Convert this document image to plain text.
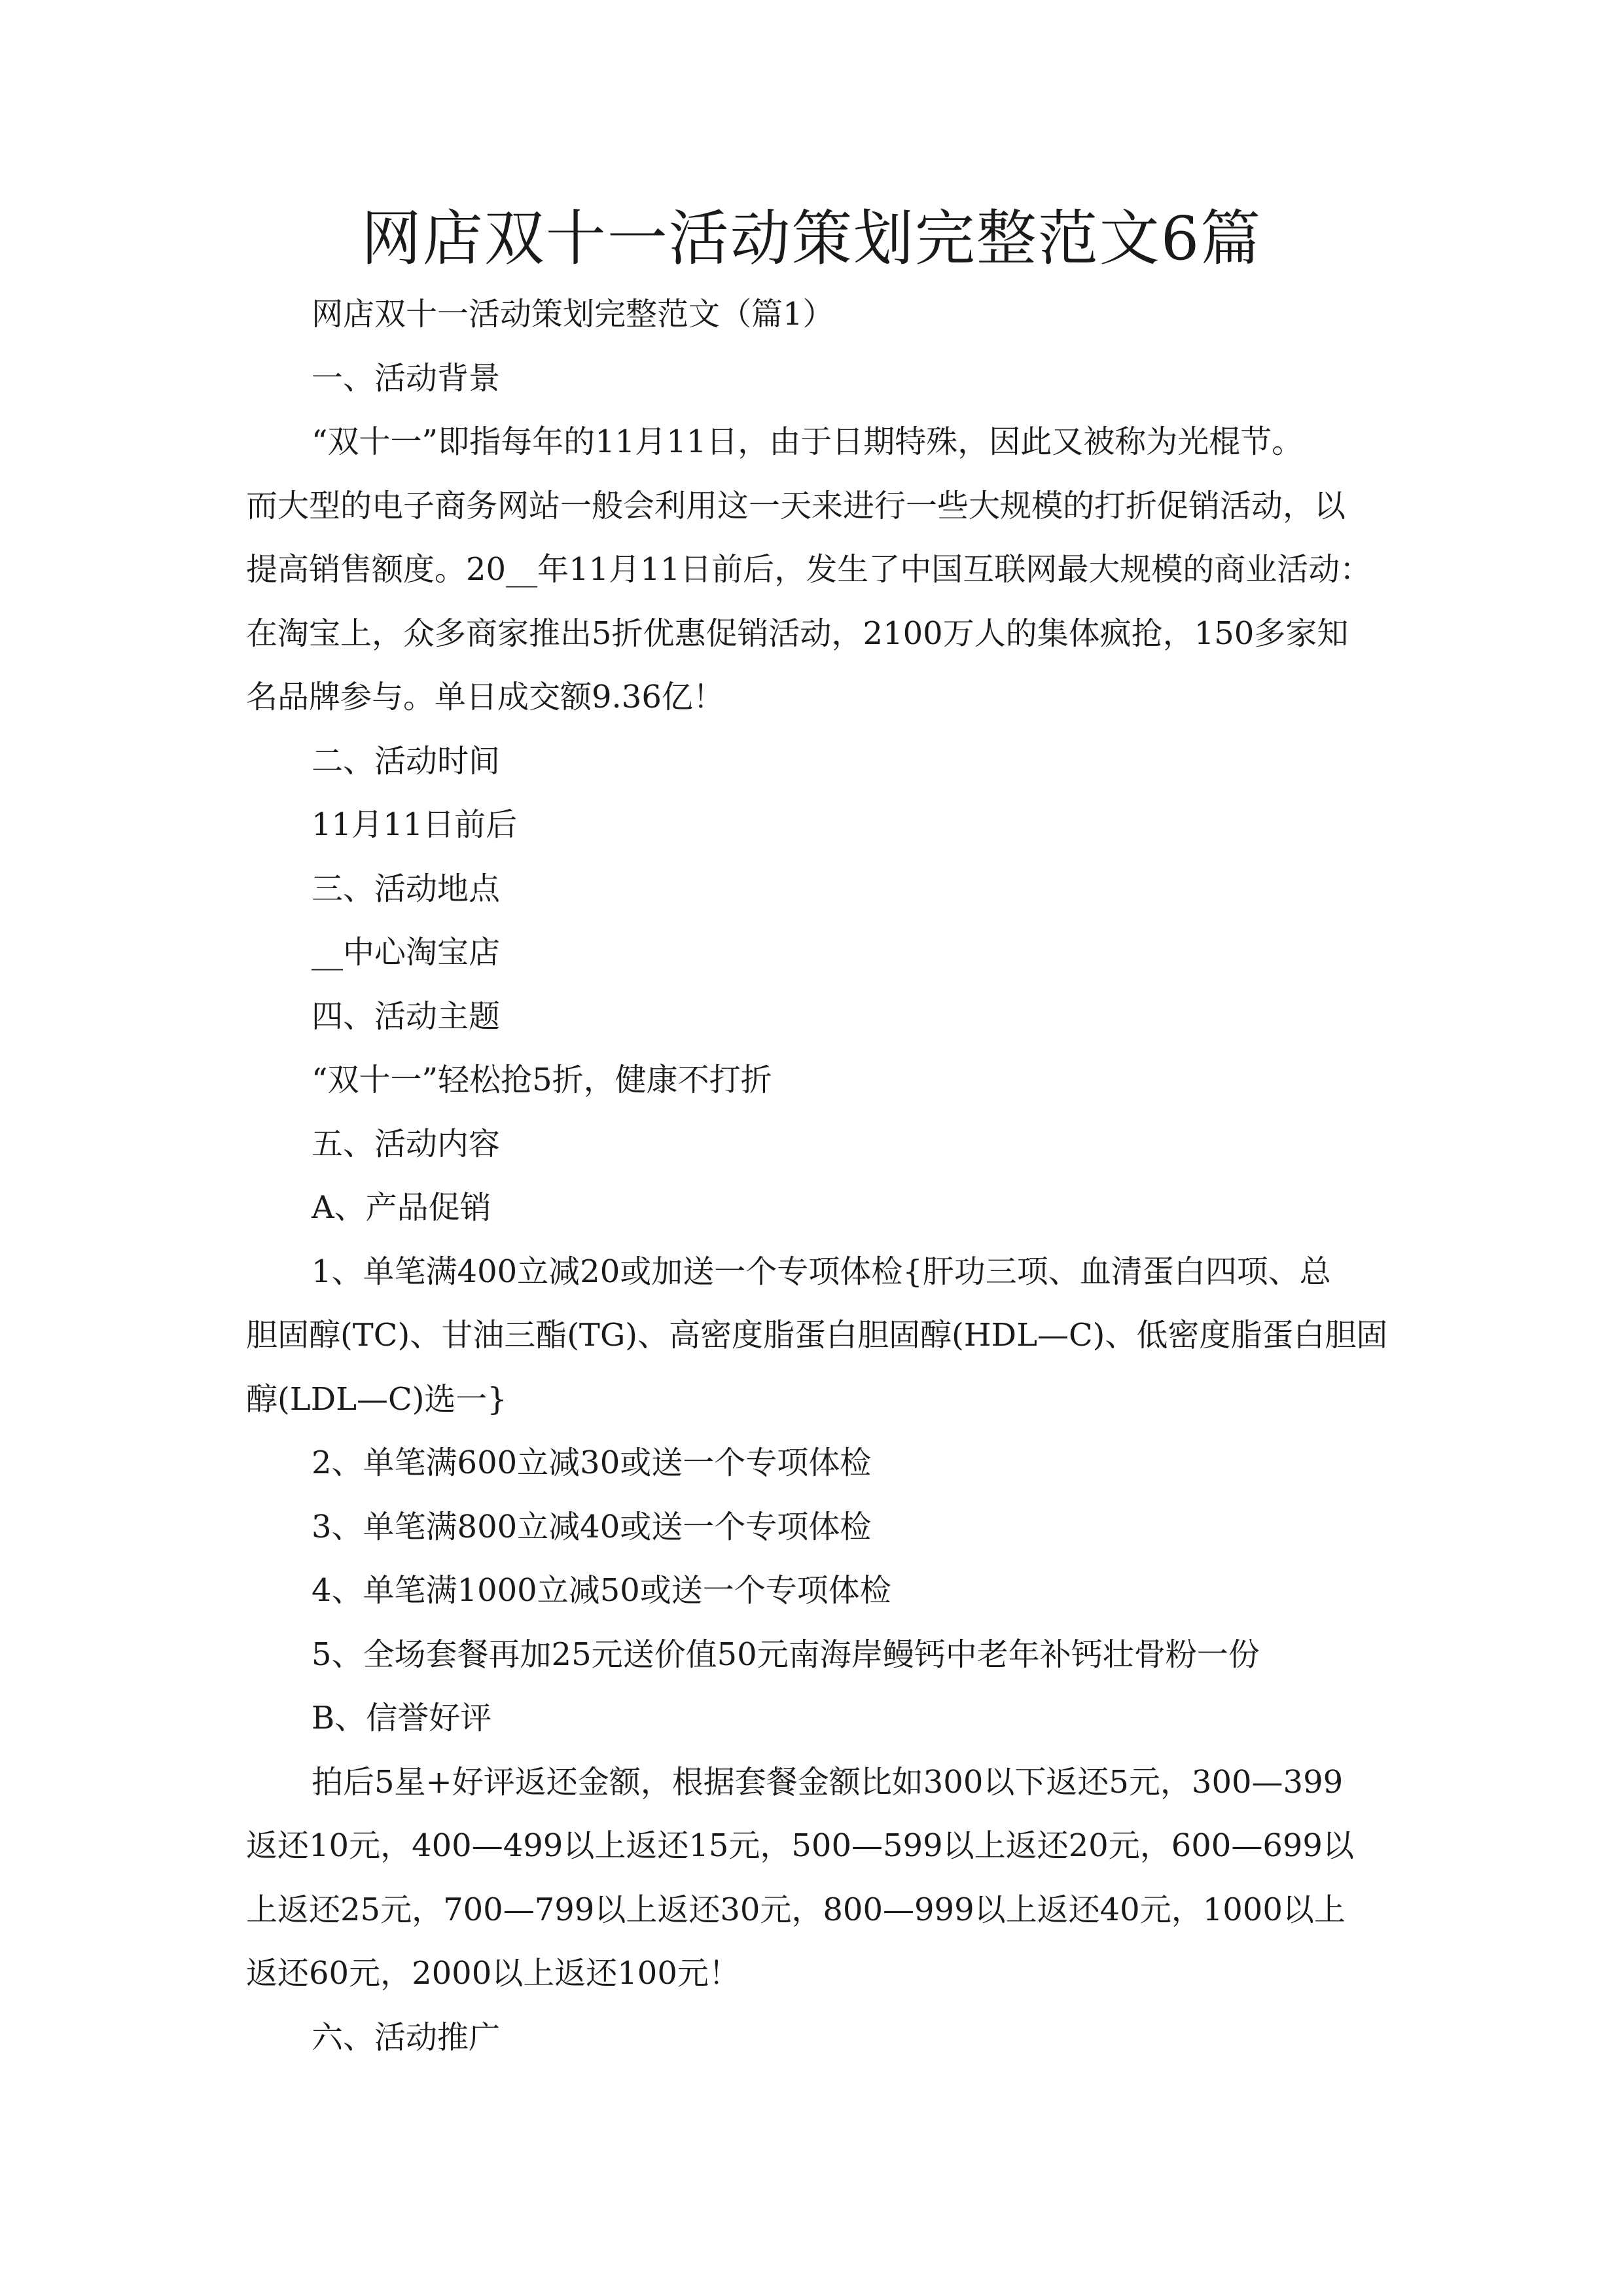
网店双十一活动策划完整范文6篇
网店双十一活动策划完整范文（篇1）
一、活动背景
“双十一”即指每年的11月11日，由于日期特殊，因此又被称为光棍节。
而大型的电子商务网站一般会利用这一天来进行一些大规模的打折促销活动，以
提高销售额度。20__年11月11日前后，发生了中国互联网最大规模的商业活动：
在淘宝上，众多商家推出5折优惠促销活动，2100万人的集体疯抢，150多家知
名品牌参与。单日成交额9.36亿！
二、活动时间
11月11日前后
三、活动地点
__中心淘宝店
四、活动主题
“双十一”轻松抢5折，健康不打折
五、活动内容
A、产品促销
1、单笔满400立减20或加送一个专项体检{肝功三项、血清蛋白四项、总
胆固醇(TC)、甘油三酯(TG)、高密度脂蛋白胆固醇(HDL—C)、低密度脂蛋白胆固
醇(LDL—C)选一}
2、单笔满600立减30或送一个专项体检
3、单笔满800立减40或送一个专项体检
4、单笔满1000立减50或送一个专项体检
5、全场套餐再加25元送价值50元南海岸鳗钙中老年补钙壮骨粉一份
B、信誉好评
拍后5星+好评返还金额，根据套餐金额比如300以下返还5元，300—399
返还10元，400—499以上返还15元，500—599以上返还20元，600—699以
上返还25元，700—799以上返还30元，800—999以上返还40元，1000以上
返还60元，2000以上返还100元！
六、活动推广
